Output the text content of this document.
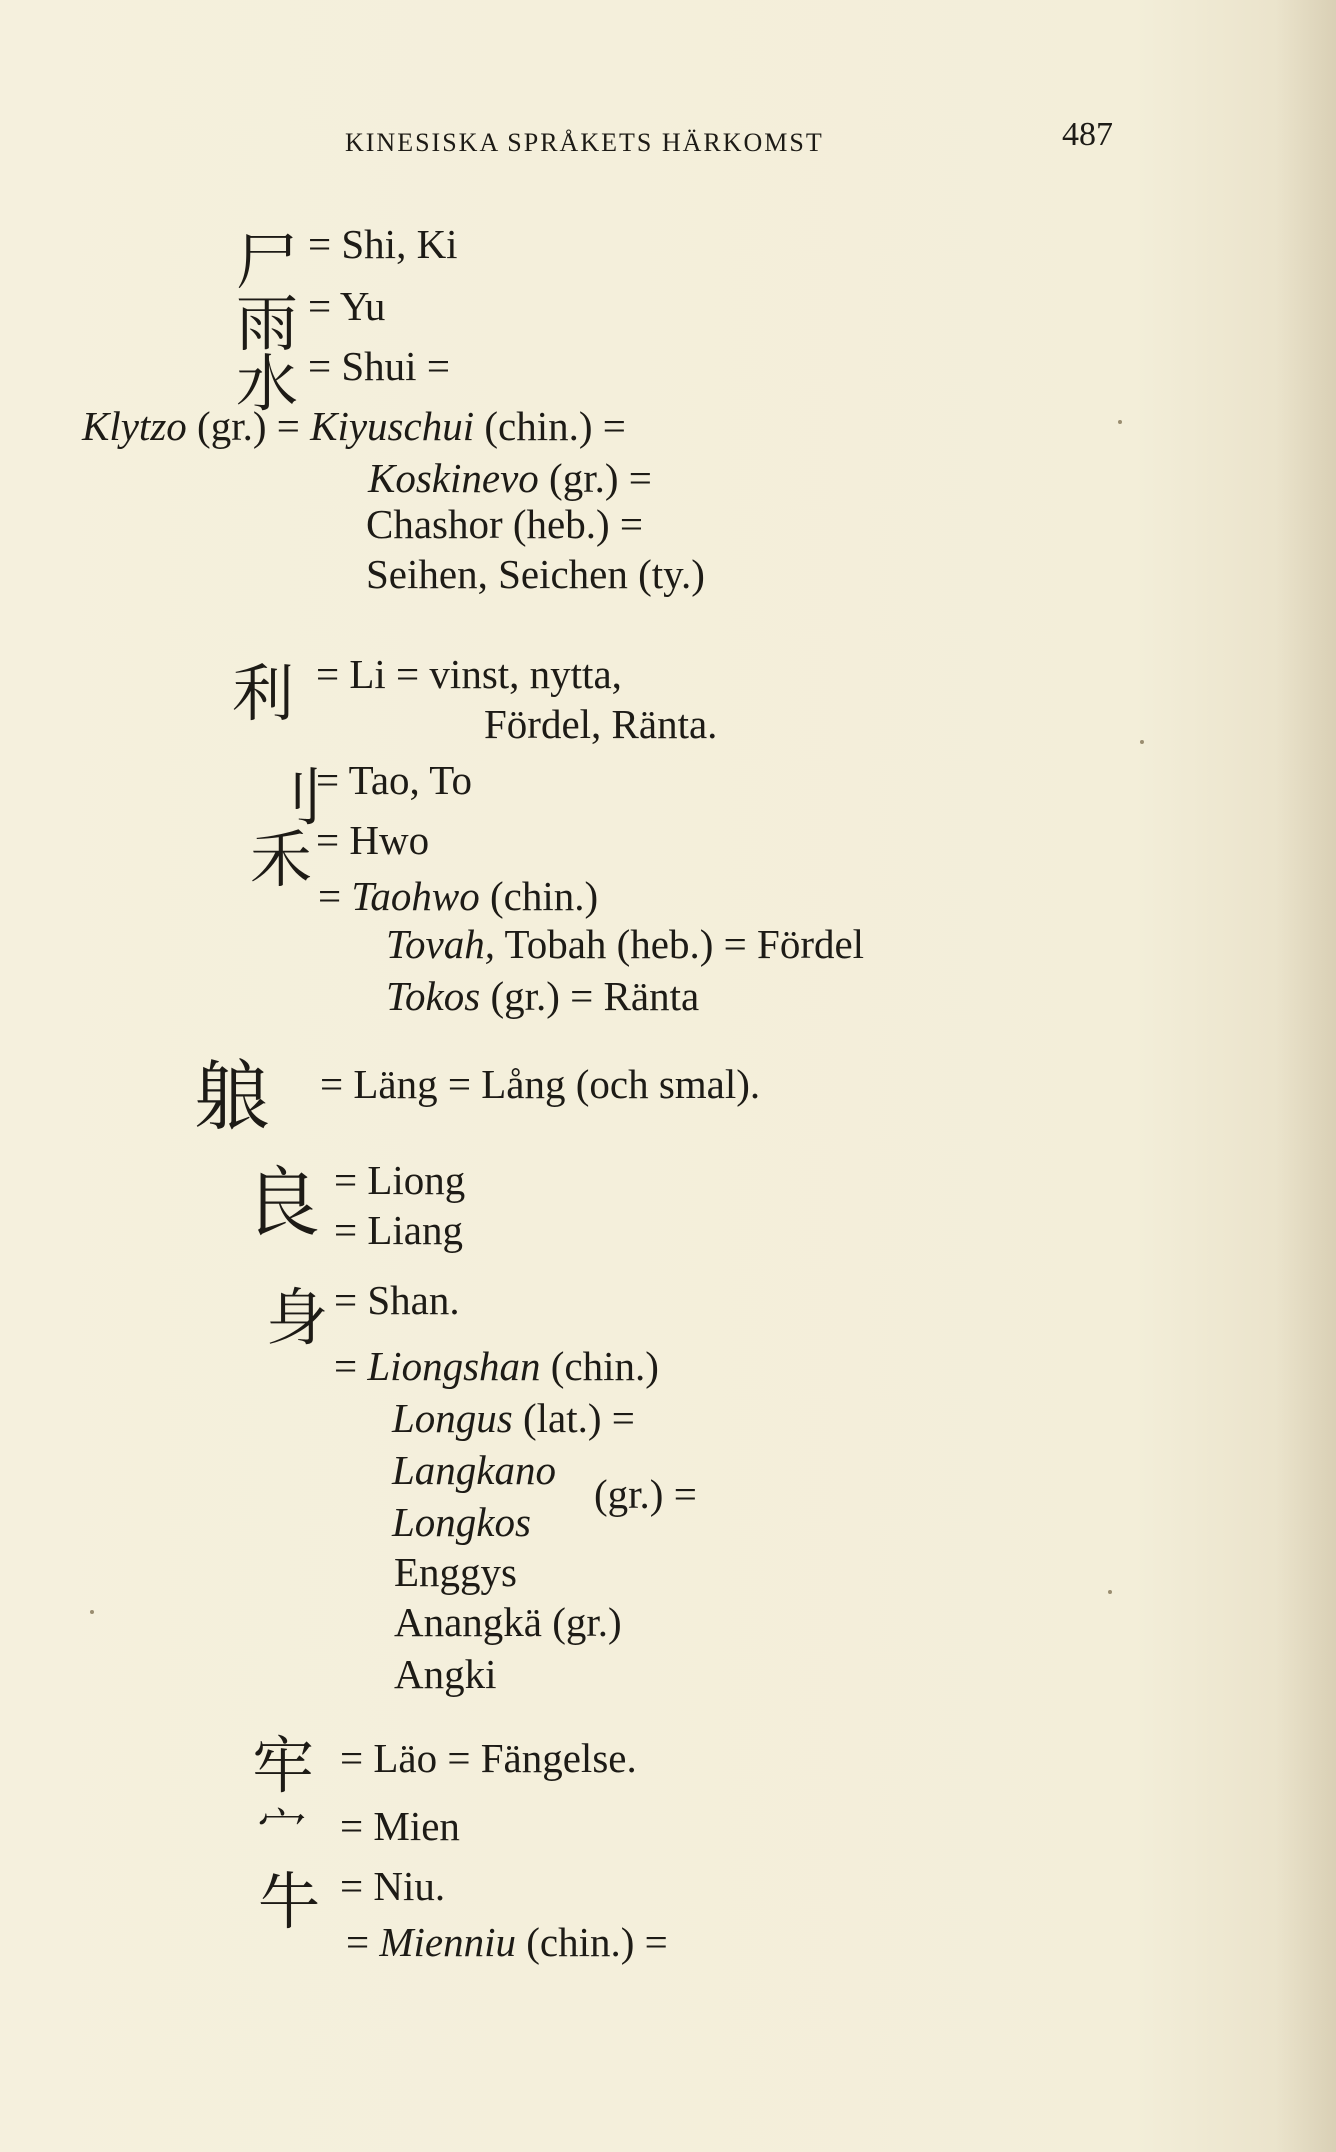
KINESISKA SPRÅKETS HÄRKOMST	487
尸 = Shi, Ki
雨 = Yu
水 = Shui =
Klytzo (gr.) = Kiyuschui (chin.) =
Koskinevo (gr.) =
Chashor (heb.) =
Seihen, Seichen (ty.)
利 = Li = vinst, nytta,
Fördel, Ränta.
刂
= Tao, To
禾 = Hwo
= Taohwo (chin.)
Tovah, Tobah (heb.) = Fördel
Tokos (gr.) = Ränta
躴 = Läng = Lång (och smal).
良 = Liong
= Liang
身 = Shan.
= Liongshan (chin.)
Longus (lat.) =
Langkano
(gr.) =
Longkos
Enggys
Anangkä (gr.)
Angki
牢 = Läo = Fängelse.
宀 = Mien
牛 = Niu.
= Mienniu (chin.) =
